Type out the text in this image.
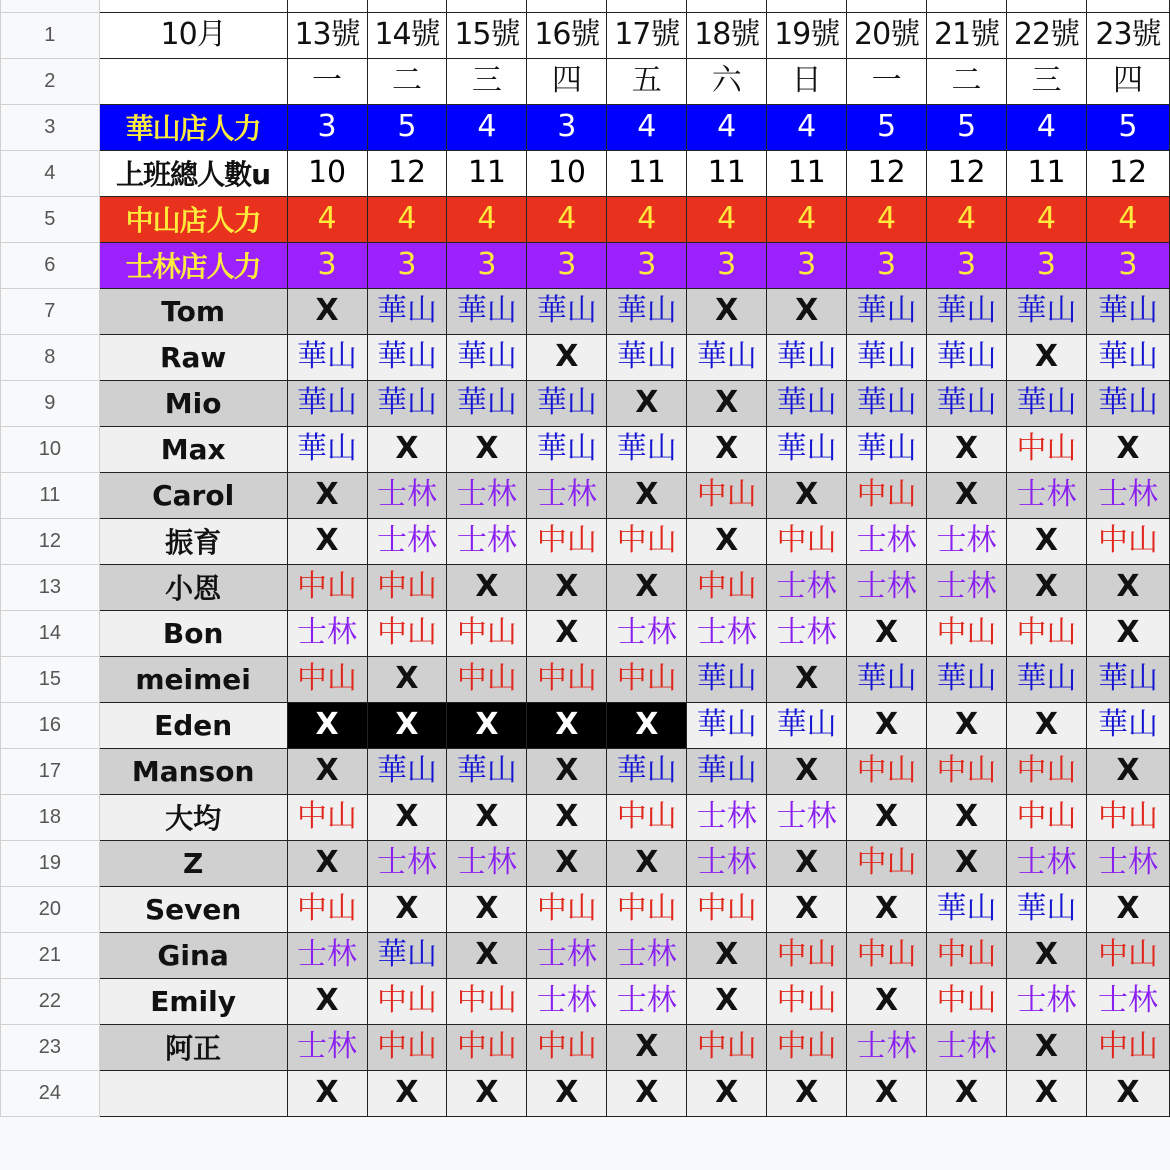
1	10月	13號	14號	15號	16號	17號	18號	19號	20號	21號	22號	23號
2		一	二	三	四	五	六	日	一	二	三	四
3	華山店人力	3	5	4	3	4	4	4	5	5	4	5
4	上班總人數u	10	12	11	10	11	11	11	12	12	11	12
5	中山店人力	4	4	4	4	4	4	4	4	4	4	4
6	士林店人力	3	3	3	3	3	3	3	3	3	3	3
7	Tom	X	華山	華山	華山	華山	X	X	華山	華山	華山	華山
8	Raw	華山	華山	華山	X	華山	華山	華山	華山	華山	X	華山
9	Mio	華山	華山	華山	華山	X	X	華山	華山	華山	華山	華山
10	Max	華山	X	X	華山	華山	X	華山	華山	X	中山	X
11	Carol	X	士林	士林	士林	X	中山	X	中山	X	士林	士林
12	振育	X	士林	士林	中山	中山	X	中山	士林	士林	X	中山
13	小恩	中山	中山	X	X	X	中山	士林	士林	士林	X	X
14	Bon	士林	中山	中山	X	士林	士林	士林	X	中山	中山	X
15	meimei	中山	X	中山	中山	中山	華山	X	華山	華山	華山	華山
16	Eden	X	X	X	X	X	華山	華山	X	X	X	華山
17	Manson	X	華山	華山	X	華山	華山	X	中山	中山	中山	X
18	大均	中山	X	X	X	中山	士林	士林	X	X	中山	中山
19	Z	X	士林	士林	X	X	士林	X	中山	X	士林	士林
20	Seven	中山	X	X	中山	中山	中山	X	X	華山	華山	X
21	Gina	士林	華山	X	士林	士林	X	中山	中山	中山	X	中山
22	Emily	X	中山	中山	士林	士林	X	中山	X	中山	士林	士林
23	阿正	士林	中山	中山	中山	X	中山	中山	士林	士林	X	中山
24		X	X	X	X	X	X	X	X	X	X	X
